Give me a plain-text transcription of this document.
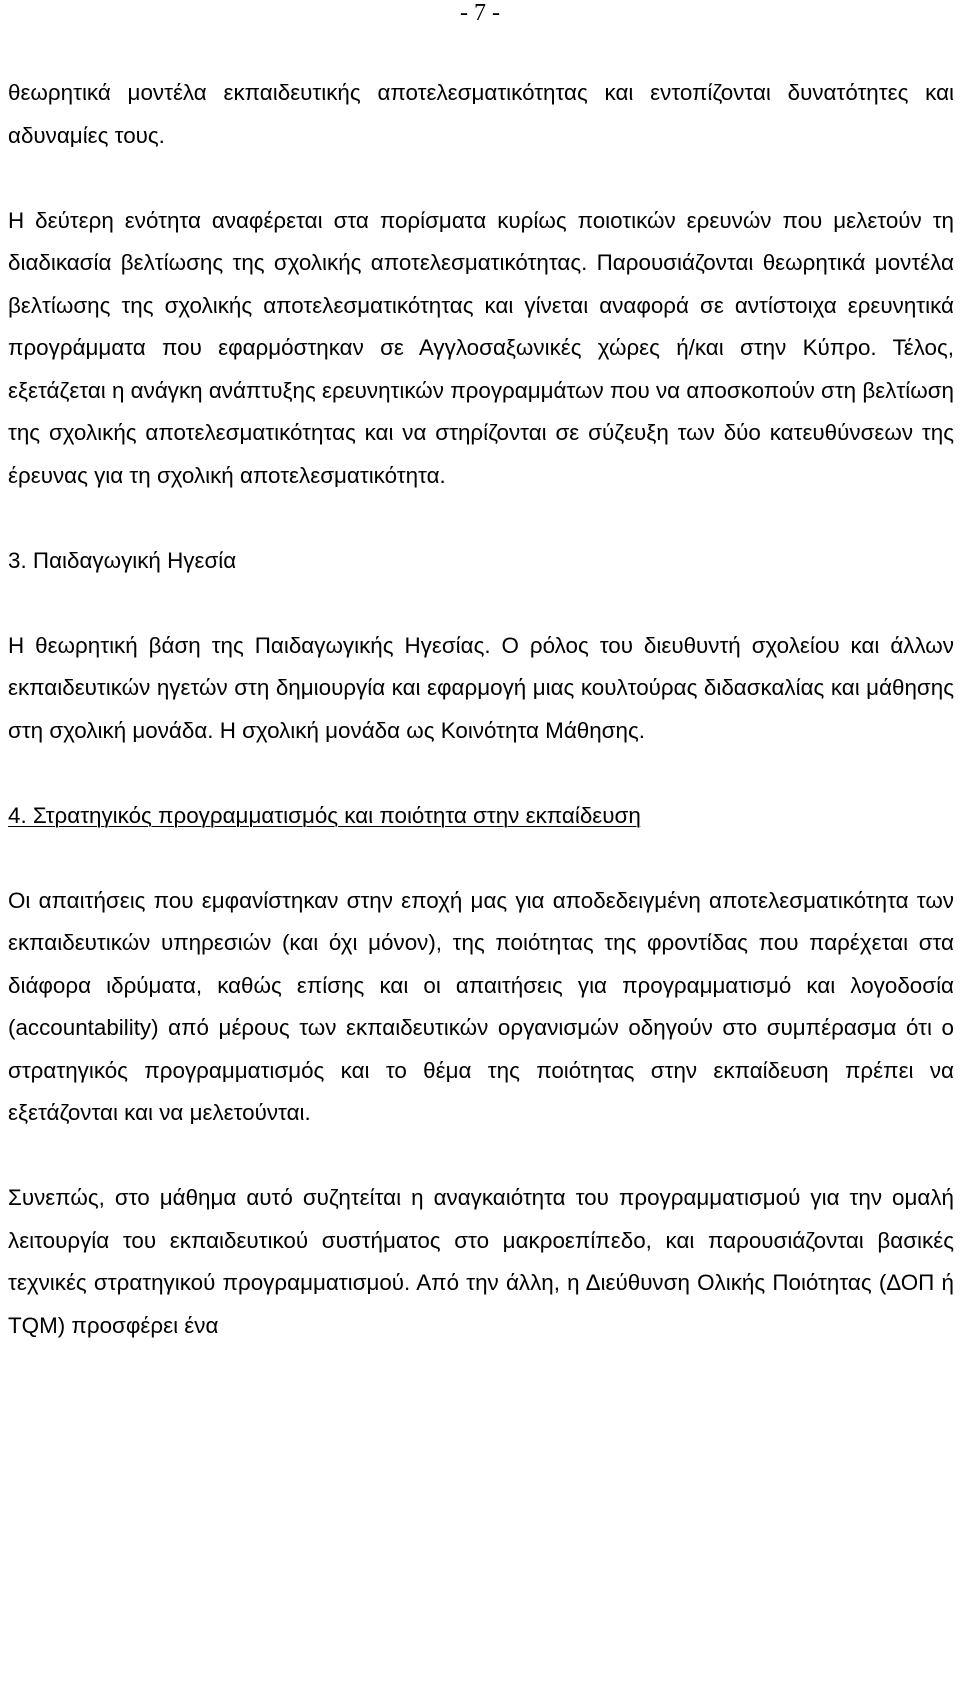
- 7 -

θεωρητικά μοντέλα εκπαιδευτικής αποτελεσματικότητας και εντοπίζονται δυνατότητες και αδυναμίες τους.

Η δεύτερη ενότητα αναφέρεται στα πορίσματα κυρίως ποιοτικών ερευνών που μελετούν τη διαδικασία βελτίωσης της σχολικής αποτελεσματικότητας. Παρουσιάζονται θεωρητικά μοντέλα βελτίωσης της σχολικής αποτελεσματικότητας και γίνεται αναφορά σε αντίστοιχα ερευνητικά προγράμματα που εφαρμόστηκαν σε Αγγλοσαξωνικές χώρες ή/και στην Κύπρο. Τέλος, εξετάζεται η ανάγκη ανάπτυξης ερευνητικών προγραμμάτων που να αποσκοπούν στη βελτίωση της σχολικής αποτελεσματικότητας και να στηρίζονται σε σύζευξη των δύο κατευθύνσεων της έρευνας για τη σχολική αποτελεσματικότητα.

3. Παιδαγωγική Ηγεσία

Η θεωρητική βάση της Παιδαγωγικής Ηγεσίας. Ο ρόλος του διευθυντή σχολείου και άλλων εκπαιδευτικών ηγετών στη δημιουργία και εφαρμογή μιας κουλτούρας διδασκαλίας και μάθησης στη σχολική μονάδα. Η σχολική μονάδα ως Κοινότητα Μάθησης.

4. Στρατηγικός προγραμματισμός και ποιότητα στην εκπαίδευση

Οι απαιτήσεις που εμφανίστηκαν στην εποχή μας για αποδεδειγμένη αποτελεσματικότητα των εκπαιδευτικών υπηρεσιών (και όχι μόνον), της ποιότητας της φροντίδας που παρέχεται στα διάφορα ιδρύματα, καθώς επίσης και οι απαιτήσεις για προγραμματισμό και λογοδοσία (accountability) από μέρους των εκπαιδευτικών οργανισμών οδηγούν στο συμπέρασμα ότι ο στρατηγικός προγραμματισμός και το θέμα της ποιότητας στην εκπαίδευση πρέπει να εξετάζονται και να μελετούνται.

Συνεπώς, στο μάθημα αυτό συζητείται η αναγκαιότητα του προγραμματισμού για την ομαλή λειτουργία του εκπαιδευτικού συστήματος στο μακροεπίπεδο, και παρουσιάζονται βασικές τεχνικές στρατηγικού προγραμματισμού. Από την άλλη, η Διεύθυνση Ολικής Ποιότητας (ΔΟΠ ή TQM) προσφέρει ένα
